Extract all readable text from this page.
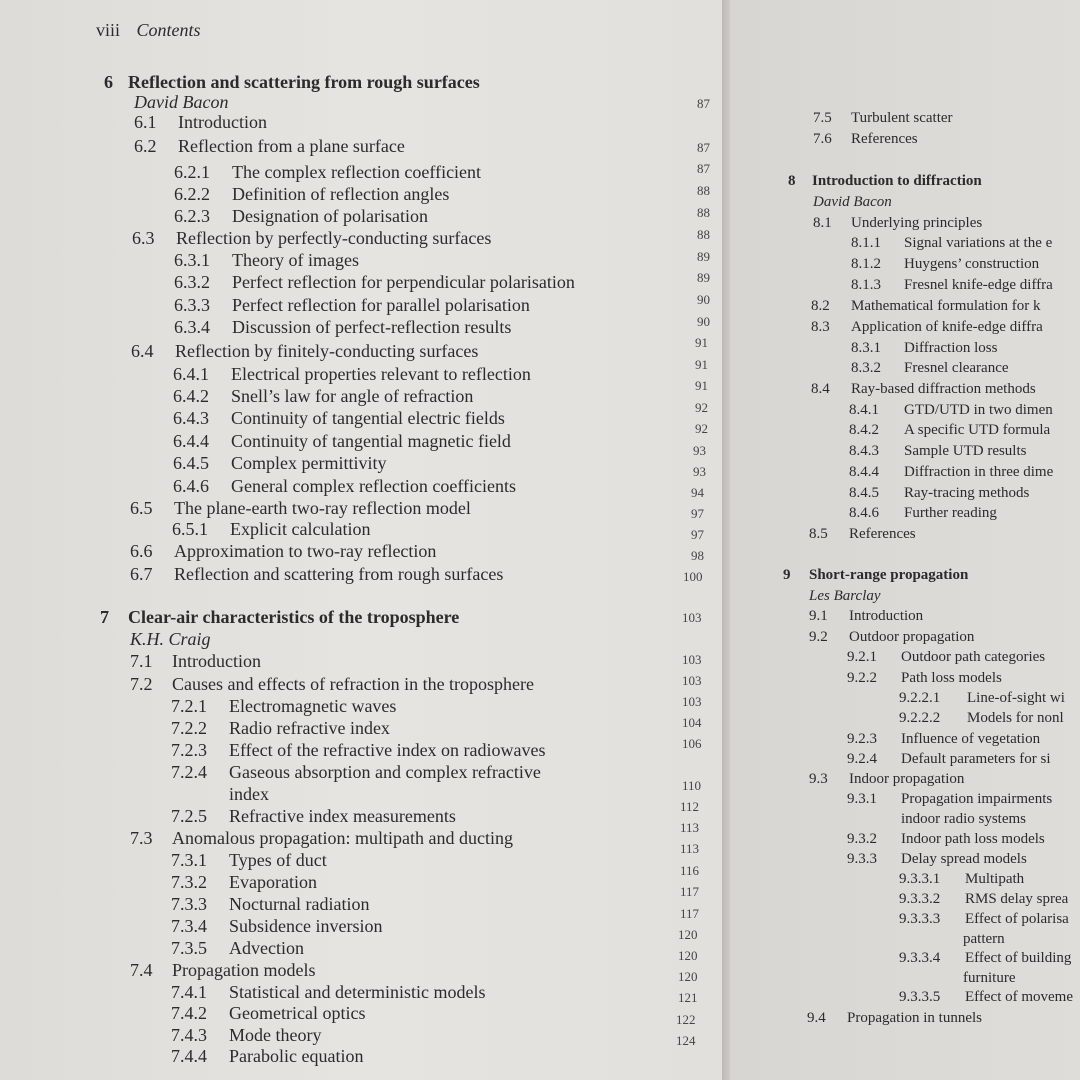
viii Contents
6 Reflection and scattering from rough surfaces
David Bacon
6.1 Introduction
6.2 Reflection from a plane surface
6.2.1 The complex reflection coefficient
6.2.2 Definition of reflection angles
6.2.3 Designation of polarisation
6.3 Reflection by perfectly-conducting surfaces
6.3.1 Theory of images
6.3.2 Perfect reflection for perpendicular polarisation
6.3.3 Perfect reflection for parallel polarisation
6.3.4 Discussion of perfect-reflection results
6.4 Reflection by finitely-conducting surfaces
6.4.1 Electrical properties relevant to reflection
6.4.2 Snell’s law for angle of refraction
6.4.3 Continuity of tangential electric fields
6.4.4 Continuity of tangential magnetic field
6.4.5 Complex permittivity
6.4.6 General complex reflection coefficients
6.5 The plane-earth two-ray reflection model
6.5.1 Explicit calculation
6.6 Approximation to two-ray reflection
6.7 Reflection and scattering from rough surfaces
7 Clear-air characteristics of the troposphere
K.H. Craig
7.1 Introduction
7.2 Causes and effects of refraction in the troposphere
7.2.1 Electromagnetic waves
7.2.2 Radio refractive index
7.2.3 Effect of the refractive index on radiowaves
7.2.4 Gaseous absorption and complex refractive
index
7.2.5 Refractive index measurements
7.3 Anomalous propagation: multipath and ducting
7.3.1 Types of duct
7.3.2 Evaporation
7.3.3 Nocturnal radiation
7.3.4 Subsidence inversion
7.3.5 Advection
7.4 Propagation models
7.4.1 Statistical and deterministic models
7.4.2 Geometrical optics
7.4.3 Mode theory
7.4.4 Parabolic equation
7.5 Turbulent scatter
7.6 References
8 Introduction to diffraction
David Bacon
8.1 Underlying principles
8.1.1 Signal variations at the e
8.1.2 Huygens’ construction
8.1.3 Fresnel knife-edge diffra
8.2 Mathematical formulation for k
8.3 Application of knife-edge diffra
8.3.1 Diffraction loss
8.3.2 Fresnel clearance
8.4 Ray-based diffraction methods
8.4.1 GTD/UTD in two dimen
8.4.2 A specific UTD formula
8.4.3 Sample UTD results
8.4.4 Diffraction in three dime
8.4.5 Ray-tracing methods
8.4.6 Further reading
8.5 References
9 Short-range propagation
Les Barclay
9.1 Introduction
9.2 Outdoor propagation
9.2.1 Outdoor path categories
9.2.2 Path loss models
9.2.2.1 Line-of-sight wi
9.2.2.2 Models for nonl
9.2.3 Influence of vegetation
9.2.4 Default parameters for si
9.3 Indoor propagation
9.3.1 Propagation impairments
indoor radio systems
9.3.2 Indoor path loss models
9.3.3 Delay spread models
9.3.3.1 Multipath
9.3.3.2 RMS delay sprea
9.3.3.3 Effect of polarisa
pattern
9.3.3.4 Effect of building
furniture
9.3.3.5 Effect of moveme
9.4 Propagation in tunnels
87
87
87
88
88
88
89
89
90
90
91
91
91
92
92
93
93
94
97
97
98
100
103
103
103
103
104
106
110
112
113
113
116
117
117
120
120
120
121
122
124
